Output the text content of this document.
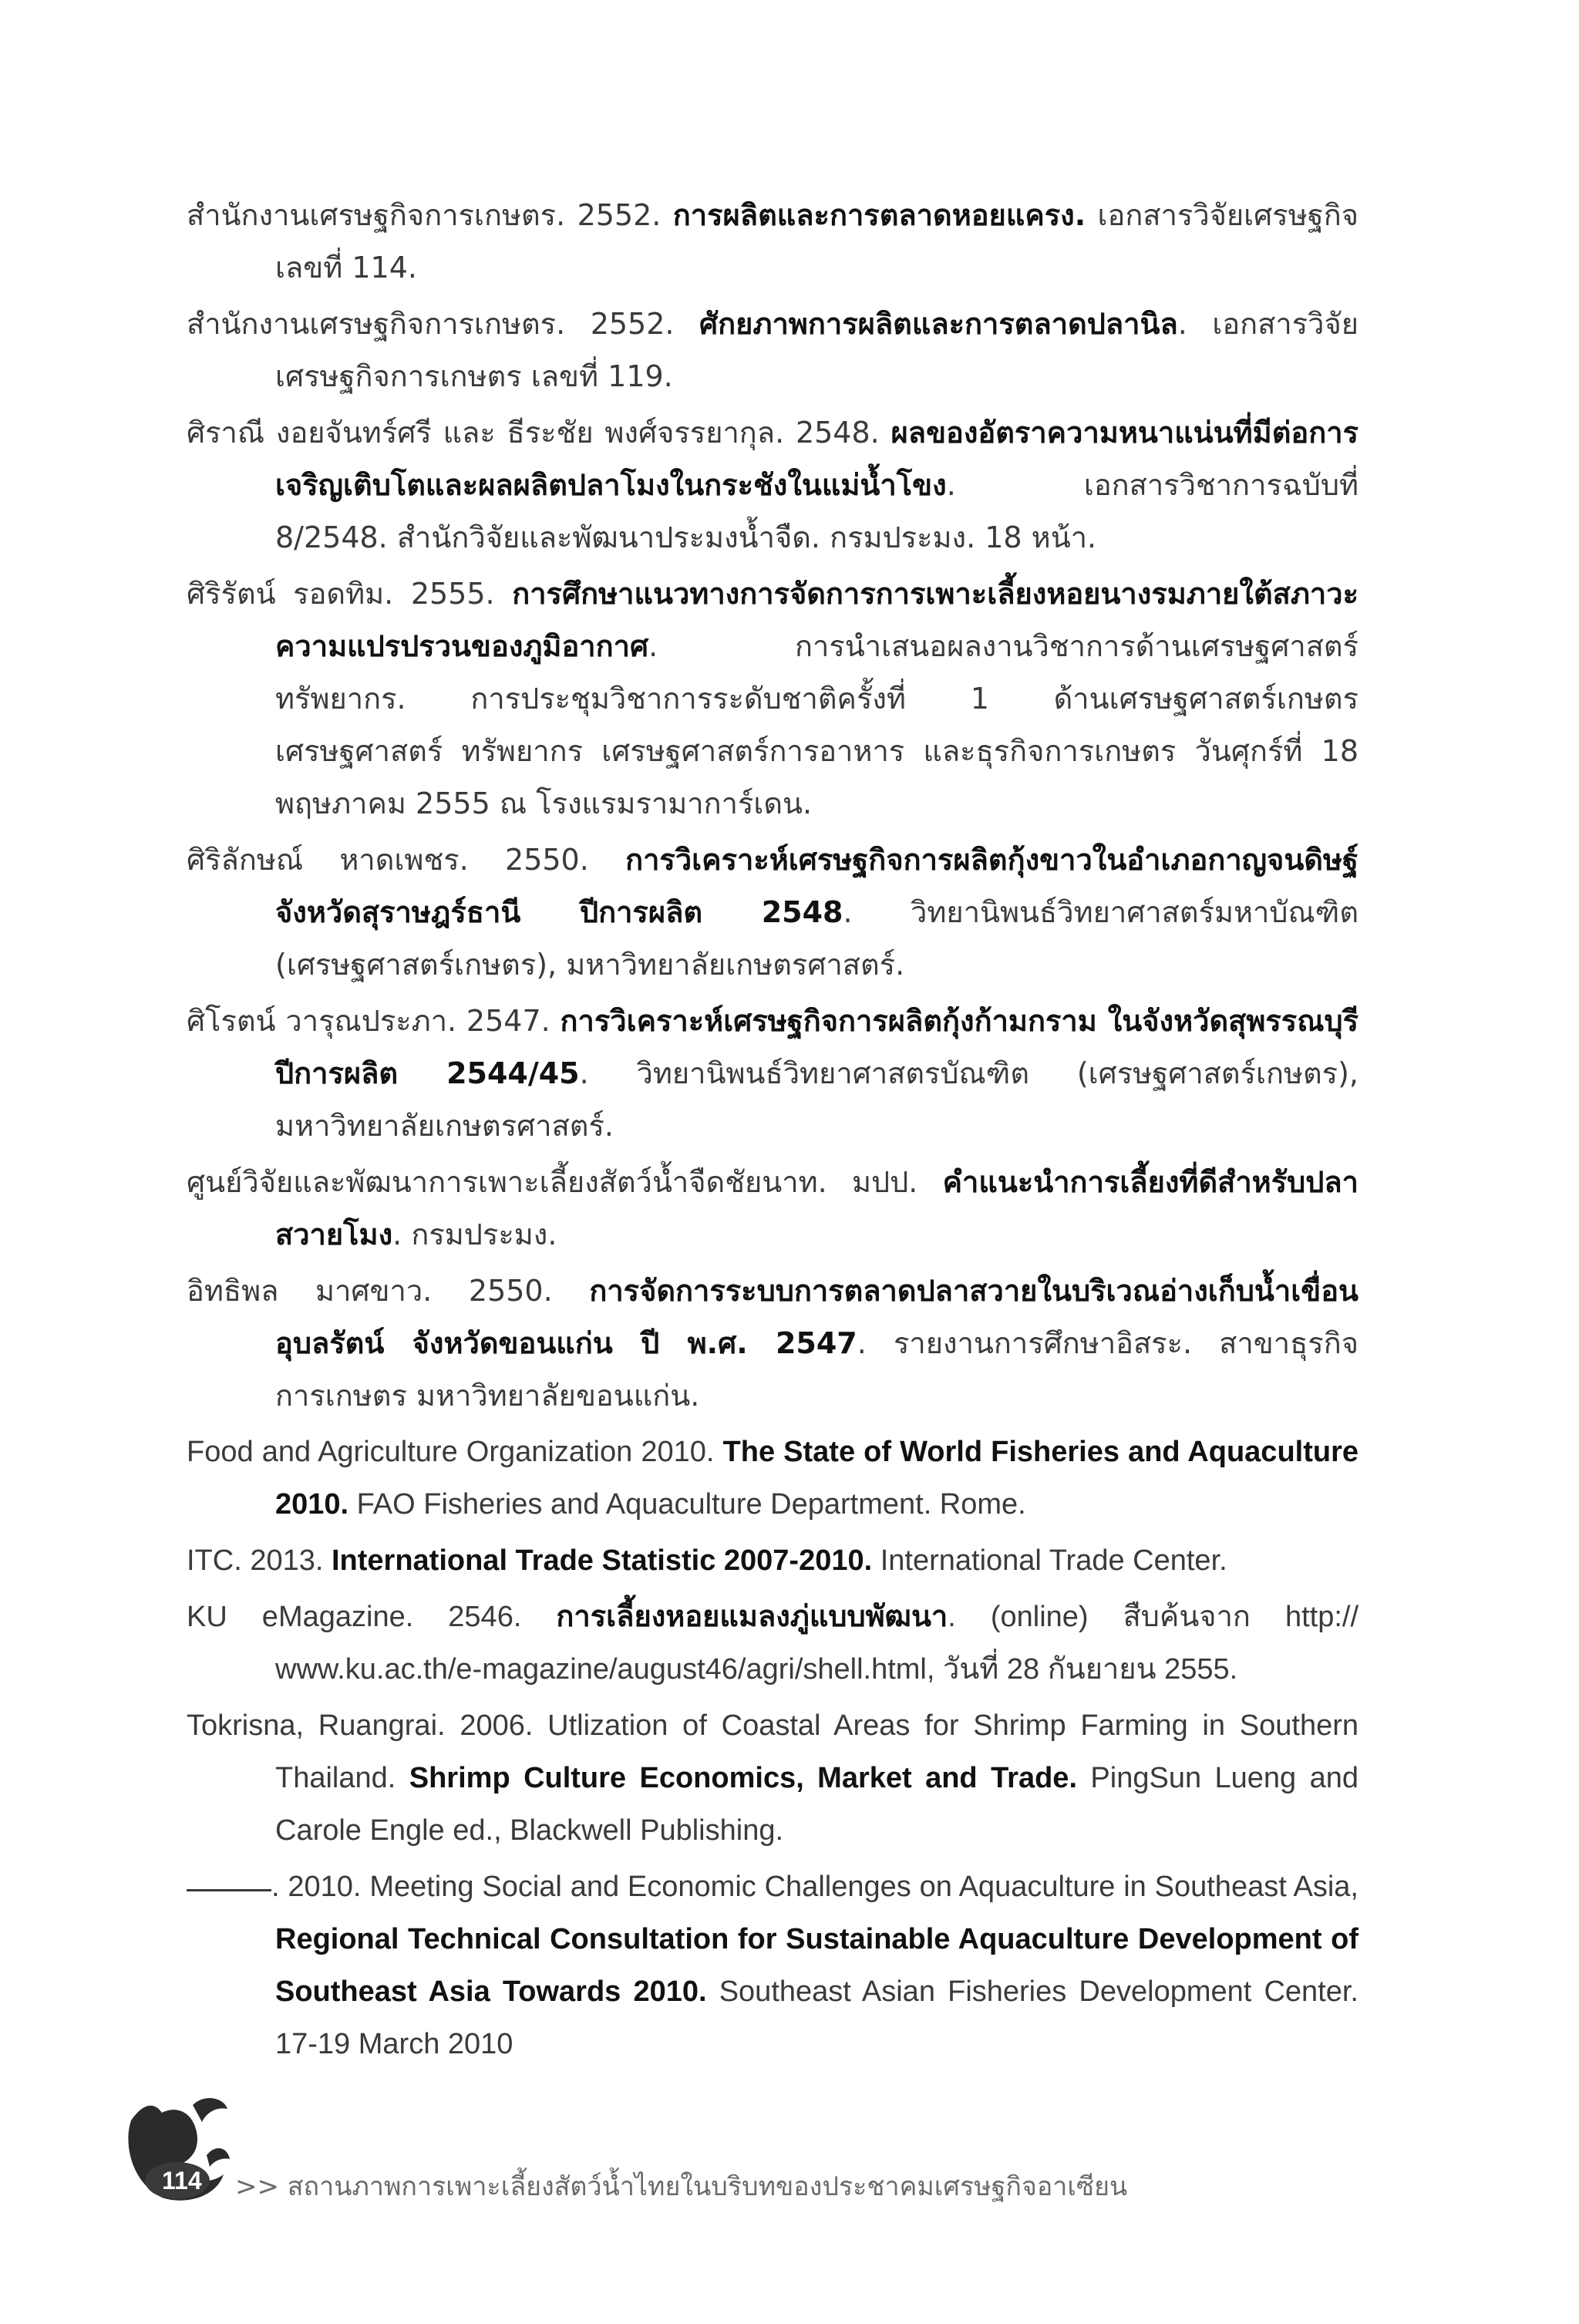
สำนักงานเศรษฐกิจการเกษตร. 2552. การผลิตและการตลาดหอยแครง. เอกสารวิจัยเศรษฐกิจ เลขที่ 114.

สำนักงานเศรษฐกิจการเกษตร. 2552. ศักยภาพการผลิตและการตลาดปลานิล. เอกสารวิจัยเศรษฐกิจการเกษตร เลขที่ 119.

ศิราณี งอยจันทร์ศรี และ ธีระชัย พงศ์จรรยากุล. 2548. ผลของอัตราความหนาแน่นที่มีต่อการเจริญเติบโตและผลผลิตปลาโมงในกระชังในแม่น้ำโขง. เอกสารวิชาการฉบับที่ 8/2548. สำนักวิจัยและพัฒนาประมงน้ำจืด. กรมประมง. 18 หน้า.

ศิริรัตน์ รอดทิม. 2555. การศึกษาแนวทางการจัดการการเพาะเลี้ยงหอยนางรมภายใต้สภาวะความแปรปรวนของภูมิอากาศ. การนำเสนอผลงานวิชาการด้านเศรษฐศาสตร์ ทรัพยากร. การประชุมวิชาการระดับชาติครั้งที่ 1 ด้านเศรษฐศาสตร์เกษตร เศรษฐศาสตร์ ทรัพยากร เศรษฐศาสตร์การอาหาร และธุรกิจการเกษตร วันศุกร์ที่ 18 พฤษภาคม 2555 ณ โรงแรมรามาการ์เดน.

ศิริลักษณ์ หาดเพชร. 2550. การวิเคราะห์เศรษฐกิจการผลิตกุ้งขาวในอำเภอกาญจนดิษฐ์ จังหวัดสุราษฎร์ธานี ปีการผลิต 2548. วิทยานิพนธ์วิทยาศาสตร์มหาบัณฑิต (เศรษฐศาสตร์เกษตร), มหาวิทยาลัยเกษตรศาสตร์.

ศิโรตน์ วารุณประภา. 2547. การวิเคราะห์เศรษฐกิจการผลิตกุ้งก้ามกราม ในจังหวัดสุพรรณบุรี ปีการผลิต 2544/45. วิทยานิพนธ์วิทยาศาสตรบัณฑิต (เศรษฐศาสตร์เกษตร), มหาวิทยาลัยเกษตรศาสตร์.

ศูนย์วิจัยและพัฒนาการเพาะเลี้ยงสัตว์น้ำจืดชัยนาท. มปป. คำแนะนำการเลี้ยงที่ดีสำหรับปลาสวายโมง. กรมประมง.

อิทธิพล มาศขาว. 2550. การจัดการระบบการตลาดปลาสวายในบริเวณอ่างเก็บน้ำเขื่อนอุบลรัตน์ จังหวัดขอนแก่น ปี พ.ศ. 2547. รายงานการศึกษาอิสระ. สาขาธุรกิจการเกษตร มหาวิทยาลัยขอนแก่น.

Food and Agriculture Organization 2010. The State of World Fisheries and Aquaculture 2010. FAO Fisheries and Aquaculture Department. Rome.

ITC. 2013. International Trade Statistic 2007-2010. International Trade Center.

KU eMagazine. 2546. การเลี้ยงหอยแมลงภู่แบบพัฒนา. (online) สืบค้นจาก http:// www.ku.ac.th/e-magazine/august46/agri/shell.html, วันที่ 28 กันยายน 2555.

Tokrisna, Ruangrai. 2006. Utlization of Coastal Areas for Shrimp Farming in Southern Thailand. Shrimp Culture Economics, Market and Trade. PingSun Lueng and Carole Engle ed., Blackwell Publishing.

. 2010. Meeting Social and Economic Challenges on Aquaculture in Southeast Asia, Regional Technical Consultation for Sustainable Aquaculture Development of Southeast Asia Towards 2010. Southeast Asian Fisheries Development Center. 17-19 March 2010

114 >> สถานภาพการเพาะเลี้ยงสัตว์น้ำไทยในบริบทของประชาคมเศรษฐกิจอาเซียน
